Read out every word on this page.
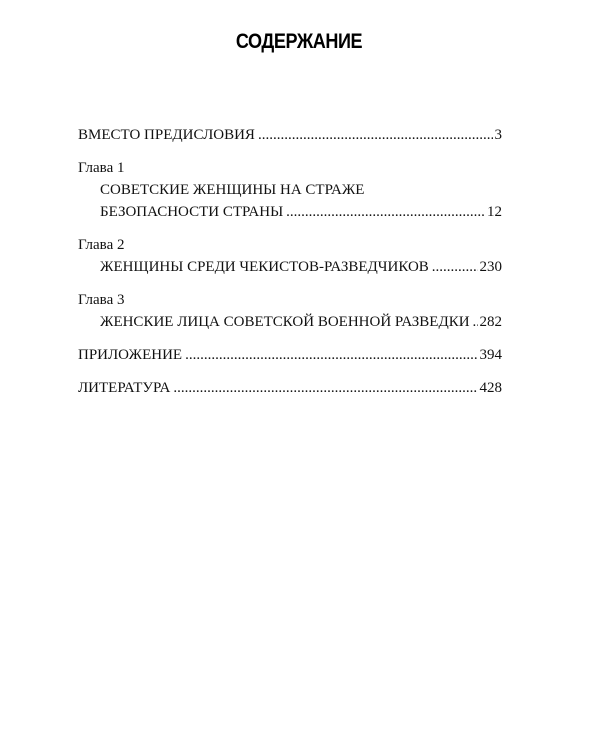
СОДЕРЖАНИЕ
ВМЕСТО ПРЕДИСЛОВИЯ .....	3
Глава 1
СОВЕТСКИЕ ЖЕНЩИНЫ НА СТРАЖЕ
БЕЗОПАСНОСТИ СТРАНЫ .....	12
Глава 2
ЖЕНЩИНЫ СРЕДИ ЧЕКИСТОВ-РАЗВЕДЧИКОВ .....	230
Глава 3
ЖЕНСКИЕ ЛИЦА СОВЕТСКОЙ ВОЕННОЙ РАЗВЕДКИ ..... 282
ПРИЛОЖЕНИЕ .....	394
ЛИТЕРАТУРА .....	428
